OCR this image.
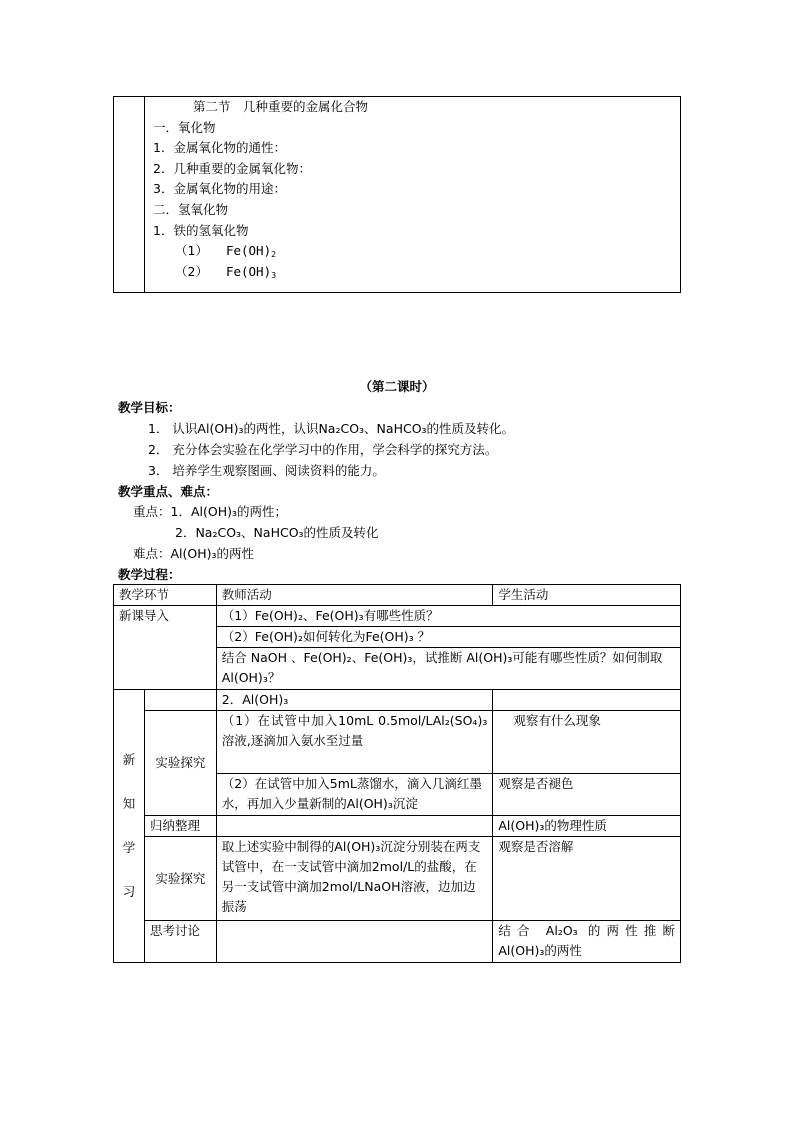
第二节　几种重要的金属化合物
一．氧化物
1．金属氧化物的通性：
2．几种重要的金属氧化物：
3．金属氧化物的用途：
二．氢氧化物
1．铁的氢氧化物
（1） $Fe(OH)_2$
（2） $Fe(OH)_3$
（第二课时）
教学目标：
1． 认识Al(OH)₃的两性，认识Na₂CO₃、NaHCO₃的性质及转化。
2． 充分体会实验在化学学习中的作用，学会科学的探究方法。
3． 培养学生观察图画、阅读资料的能力。
教学重点、难点：
重点：1．Al(OH)₃的两性；
2．Na₂CO₃、NaHCO₃的性质及转化
难点：Al(OH)₃的两性
教学过程：
教学环节		教师活动	学生活动
新课导入		（1）Fe(OH)₂、Fe(OH)₃有哪些性质？	
		（2）Fe(OH)₂如何转化为Fe(OH)₃ ？	
		结合 NaOH 、Fe(OH)₂、Fe(OH)₃，试推断 Al(OH)₃可能有哪些性质？如何制取 Al(OH)₃？	

新
知
学
习		2．Al(OH)₃	
	实验探究	（1）在试管中加入10mL 0.5mol/LAl₂(SO₄)₃溶液,逐滴加入氨水至过量	观察有什么现象
		（2）在试管中加入5mL蒸馏水，滴入几滴红墨水，再加入少量新制的Al(OH)₃沉淀	观察是否褪色
	归纳整理		Al(OH)₃的物理性质
	实验探究	取上述实验中制得的Al(OH)₃沉淀分别装在两支试管中，在一支试管中滴加2mol/L的盐酸，在另一支试管中滴加2mol/LNaOH溶液，边加边振荡	观察是否溶解
	思考讨论		结合 Al₂O₃ 的两性推断 Al(OH)₃的两性
